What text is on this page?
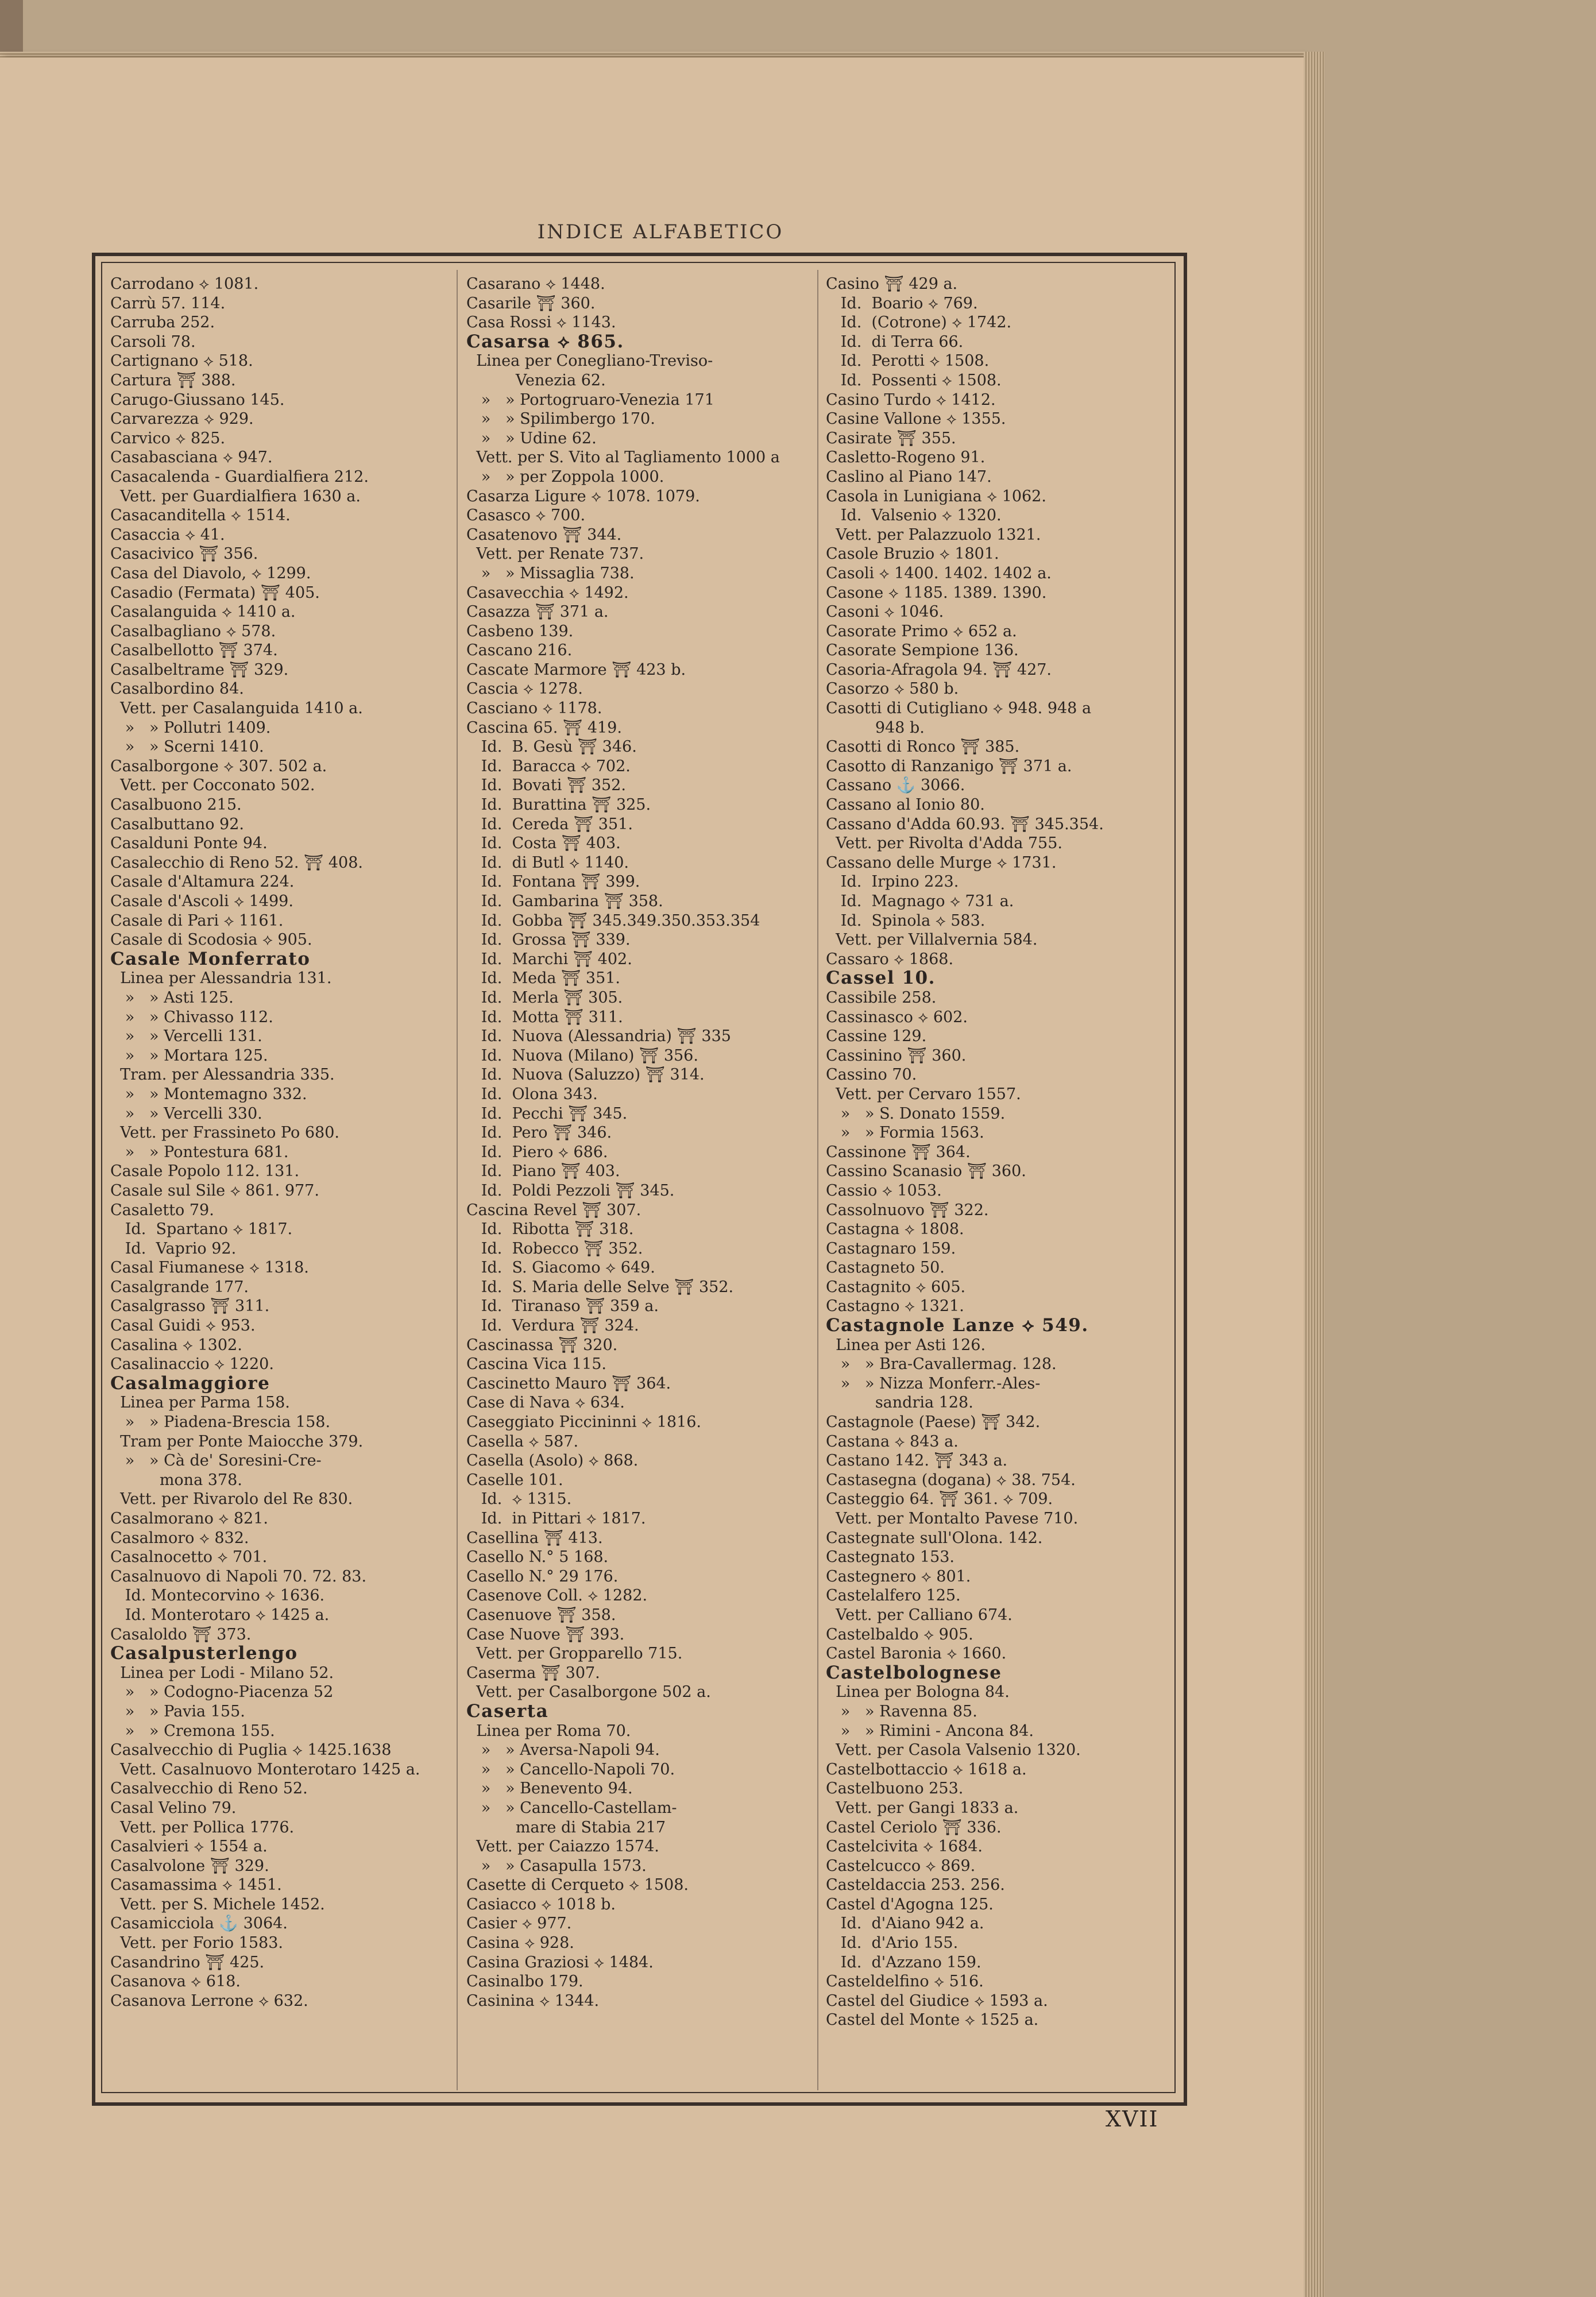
INDICE ALFABETICO
Carrodano ⟡ 1081.
Carrù 57. 114.
Carruba 252.
Carsoli 78.
Cartignano ⟡ 518.
Cartura ⛩ 388.
Carugo-Giussano 145.
Carvarezza ⟡ 929.
Carvico ⟡ 825.
Casabasciana ⟡ 947.
Casacalenda - Guardialfiera 212.
Vett. per Guardialfiera 1630 a.
Casacanditella ⟡ 1514.
Casaccia ⟡ 41.
Casacivico ⛩ 356.
Casa del Diavolo, ⟡ 1299.
Casadio (Fermata) ⛩ 405.
Casalanguida ⟡ 1410 a.
Casalbagliano ⟡ 578.
Casalbellotto ⛩ 374.
Casalbeltrame ⛩ 329.
Casalbordino 84.
Vett. per Casalanguida 1410 a.
»   » Pollutri 1409.
»   » Scerni 1410.
Casalborgone ⟡ 307. 502 a.
Vett. per Cocconato 502.
Casalbuono 215.
Casalbuttano 92.
Casalduni Ponte 94.
Casalecchio di Reno 52. ⛩ 408.
Casale d'Altamura 224.
Casale d'Ascoli ⟡ 1499.
Casale di Pari ⟡ 1161.
Casale di Scodosia ⟡ 905.
Casale Monferrato
Linea per Alessandria 131.
»   » Asti 125.
»   » Chivasso 112.
»   » Vercelli 131.
»   » Mortara 125.
Tram. per Alessandria 335.
»   » Montemagno 332.
»   » Vercelli 330.
Vett. per Frassineto Po 680.
»   » Pontestura 681.
Casale Popolo 112. 131.
Casale sul Sile ⟡ 861. 977.
Casaletto 79.
Id.  Spartano ⟡ 1817.
Id.  Vaprio 92.
Casal Fiumanese ⟡ 1318.
Casalgrande 177.
Casalgrasso ⛩ 311.
Casal Guidi ⟡ 953.
Casalina ⟡ 1302.
Casalinaccio ⟡ 1220.
Casalmaggiore
Linea per Parma 158.
»   » Piadena-Brescia 158.
Tram per Ponte Maiocche 379.
»   » Cà de' Soresini-Cre-
mona 378.
Vett. per Rivarolo del Re 830.
Casalmorano ⟡ 821.
Casalmoro ⟡ 832.
Casalnocetto ⟡ 701.
Casalnuovo di Napoli 70. 72. 83.
Id. Montecorvino ⟡ 1636.
Id. Monterotaro ⟡ 1425 a.
Casaloldo ⛩ 373.
Casalpusterlengo
Linea per Lodi - Milano 52.
»   » Codogno-Piacenza 52
»   » Pavia 155.
»   » Cremona 155.
Casalvecchio di Puglia ⟡ 1425.1638
Vett. Casalnuovo Monterotaro 1425 a.
Casalvecchio di Reno 52.
Casal Velino 79.
Vett. per Pollica 1776.
Casalvieri ⟡ 1554 a.
Casalvolone ⛩ 329.
Casamassima ⟡ 1451.
Vett. per S. Michele 1452.
Casamicciola ⚓ 3064.
Vett. per Forio 1583.
Casandrino ⛩ 425.
Casanova ⟡ 618.
Casanova Lerrone ⟡ 632.
Casarano ⟡ 1448.
Casarile ⛩ 360.
Casa Rossi ⟡ 1143.
Casarsa ⟡ 865.
Linea per Conegliano-Treviso-
Venezia 62.
»   » Portogruaro-Venezia 171
»   » Spilimbergo 170.
»   » Udine 62.
Vett. per S. Vito al Tagliamento 1000 a
»   » per Zoppola 1000.
Casarza Ligure ⟡ 1078. 1079.
Casasco ⟡ 700.
Casatenovo ⛩ 344.
Vett. per Renate 737.
»   » Missaglia 738.
Casavecchia ⟡ 1492.
Casazza ⛩ 371 a.
Casbeno 139.
Cascano 216.
Cascate Marmore ⛩ 423 b.
Cascia ⟡ 1278.
Casciano ⟡ 1178.
Cascina 65. ⛩ 419.
Id.  B. Gesù ⛩ 346.
Id.  Baracca ⟡ 702.
Id.  Bovati ⛩ 352.
Id.  Burattina ⛩ 325.
Id.  Cereda ⛩ 351.
Id.  Costa ⛩ 403.
Id.  di Butl ⟡ 1140.
Id.  Fontana ⛩ 399.
Id.  Gambarina ⛩ 358.
Id.  Gobba ⛩ 345.349.350.353.354
Id.  Grossa ⛩ 339.
Id.  Marchi ⛩ 402.
Id.  Meda ⛩ 351.
Id.  Merla ⛩ 305.
Id.  Motta ⛩ 311.
Id.  Nuova (Alessandria) ⛩ 335
Id.  Nuova (Milano) ⛩ 356.
Id.  Nuova (Saluzzo) ⛩ 314.
Id.  Olona 343.
Id.  Pecchi ⛩ 345.
Id.  Pero ⛩ 346.
Id.  Piero ⟡ 686.
Id.  Piano ⛩ 403.
Id.  Poldi Pezzoli ⛩ 345.
Cascina Revel ⛩ 307.
Id.  Ribotta ⛩ 318.
Id.  Robecco ⛩ 352.
Id.  S. Giacomo ⟡ 649.
Id.  S. Maria delle Selve ⛩ 352.
Id.  Tiranaso ⛩ 359 a.
Id.  Verdura ⛩ 324.
Cascinassa ⛩ 320.
Cascina Vica 115.
Cascinetto Mauro ⛩ 364.
Case di Nava ⟡ 634.
Caseggiato Piccininni ⟡ 1816.
Casella ⟡ 587.
Casella (Asolo) ⟡ 868.
Caselle 101.
Id.  ⟡ 1315.
Id.  in Pittari ⟡ 1817.
Casellina ⛩ 413.
Casello N.° 5 168.
Casello N.° 29 176.
Casenove Coll. ⟡ 1282.
Casenuove ⛩ 358.
Case Nuove ⛩ 393.
Vett. per Gropparello 715.
Caserma ⛩ 307.
Vett. per Casalborgone 502 a.
Caserta
Linea per Roma 70.
»   » Aversa-Napoli 94.
»   » Cancello-Napoli 70.
»   » Benevento 94.
»   » Cancello-Castellam-
mare di Stabia 217
Vett. per Caiazzo 1574.
»   » Casapulla 1573.
Casette di Cerqueto ⟡ 1508.
Casiacco ⟡ 1018 b.
Casier ⟡ 977.
Casina ⟡ 928.
Casina Graziosi ⟡ 1484.
Casinalbo 179.
Casinina ⟡ 1344.
Casino ⛩ 429 a.
Id.  Boario ⟡ 769.
Id.  (Cotrone) ⟡ 1742.
Id.  di Terra 66.
Id.  Perotti ⟡ 1508.
Id.  Possenti ⟡ 1508.
Casino Turdo ⟡ 1412.
Casine Vallone ⟡ 1355.
Casirate ⛩ 355.
Casletto-Rogeno 91.
Caslino al Piano 147.
Casola in Lunigiana ⟡ 1062.
Id.  Valsenio ⟡ 1320.
Vett. per Palazzuolo 1321.
Casole Bruzio ⟡ 1801.
Casoli ⟡ 1400. 1402. 1402 a.
Casone ⟡ 1185. 1389. 1390.
Casoni ⟡ 1046.
Casorate Primo ⟡ 652 a.
Casorate Sempione 136.
Casoria-Afragola 94. ⛩ 427.
Casorzo ⟡ 580 b.
Casotti di Cutigliano ⟡ 948. 948 a
948 b.
Casotti di Ronco ⛩ 385.
Casotto di Ranzanigo ⛩ 371 a.
Cassano ⚓ 3066.
Cassano al Ionio 80.
Cassano d'Adda 60.93. ⛩ 345.354.
Vett. per Rivolta d'Adda 755.
Cassano delle Murge ⟡ 1731.
Id.  Irpino 223.
Id.  Magnago ⟡ 731 a.
Id.  Spinola ⟡ 583.
Vett. per Villalvernia 584.
Cassaro ⟡ 1868.
Cassel 10.
Cassibile 258.
Cassinasco ⟡ 602.
Cassine 129.
Cassinino ⛩ 360.
Cassino 70.
Vett. per Cervaro 1557.
»   » S. Donato 1559.
»   » Formia 1563.
Cassinone ⛩ 364.
Cassino Scanasio ⛩ 360.
Cassio ⟡ 1053.
Cassolnuovo ⛩ 322.
Castagna ⟡ 1808.
Castagnaro 159.
Castagneto 50.
Castagnito ⟡ 605.
Castagno ⟡ 1321.
Castagnole Lanze ⟡ 549.
Linea per Asti 126.
»   » Bra-Cavallermag. 128.
»   » Nizza Monferr.-Ales-
sandria 128.
Castagnole (Paese) ⛩ 342.
Castana ⟡ 843 a.
Castano 142. ⛩ 343 a.
Castasegna (dogana) ⟡ 38. 754.
Casteggio 64. ⛩ 361. ⟡ 709.
Vett. per Montalto Pavese 710.
Castegnate sull'Olona. 142.
Castegnato 153.
Castegnero ⟡ 801.
Castelalfero 125.
Vett. per Calliano 674.
Castelbaldo ⟡ 905.
Castel Baronia ⟡ 1660.
Castelbolognese
Linea per Bologna 84.
»   » Ravenna 85.
»   » Rimini - Ancona 84.
Vett. per Casola Valsenio 1320.
Castelbottaccio ⟡ 1618 a.
Castelbuono 253.
Vett. per Gangi 1833 a.
Castel Ceriolo ⛩ 336.
Castelcivita ⟡ 1684.
Castelcucco ⟡ 869.
Casteldaccia 253. 256.
Castel d'Agogna 125.
Id.  d'Aiano 942 a.
Id.  d'Ario 155.
Id.  d'Azzano 159.
Casteldelfino ⟡ 516.
Castel del Giudice ⟡ 1593 a.
Castel del Monte ⟡ 1525 a.
XVII
